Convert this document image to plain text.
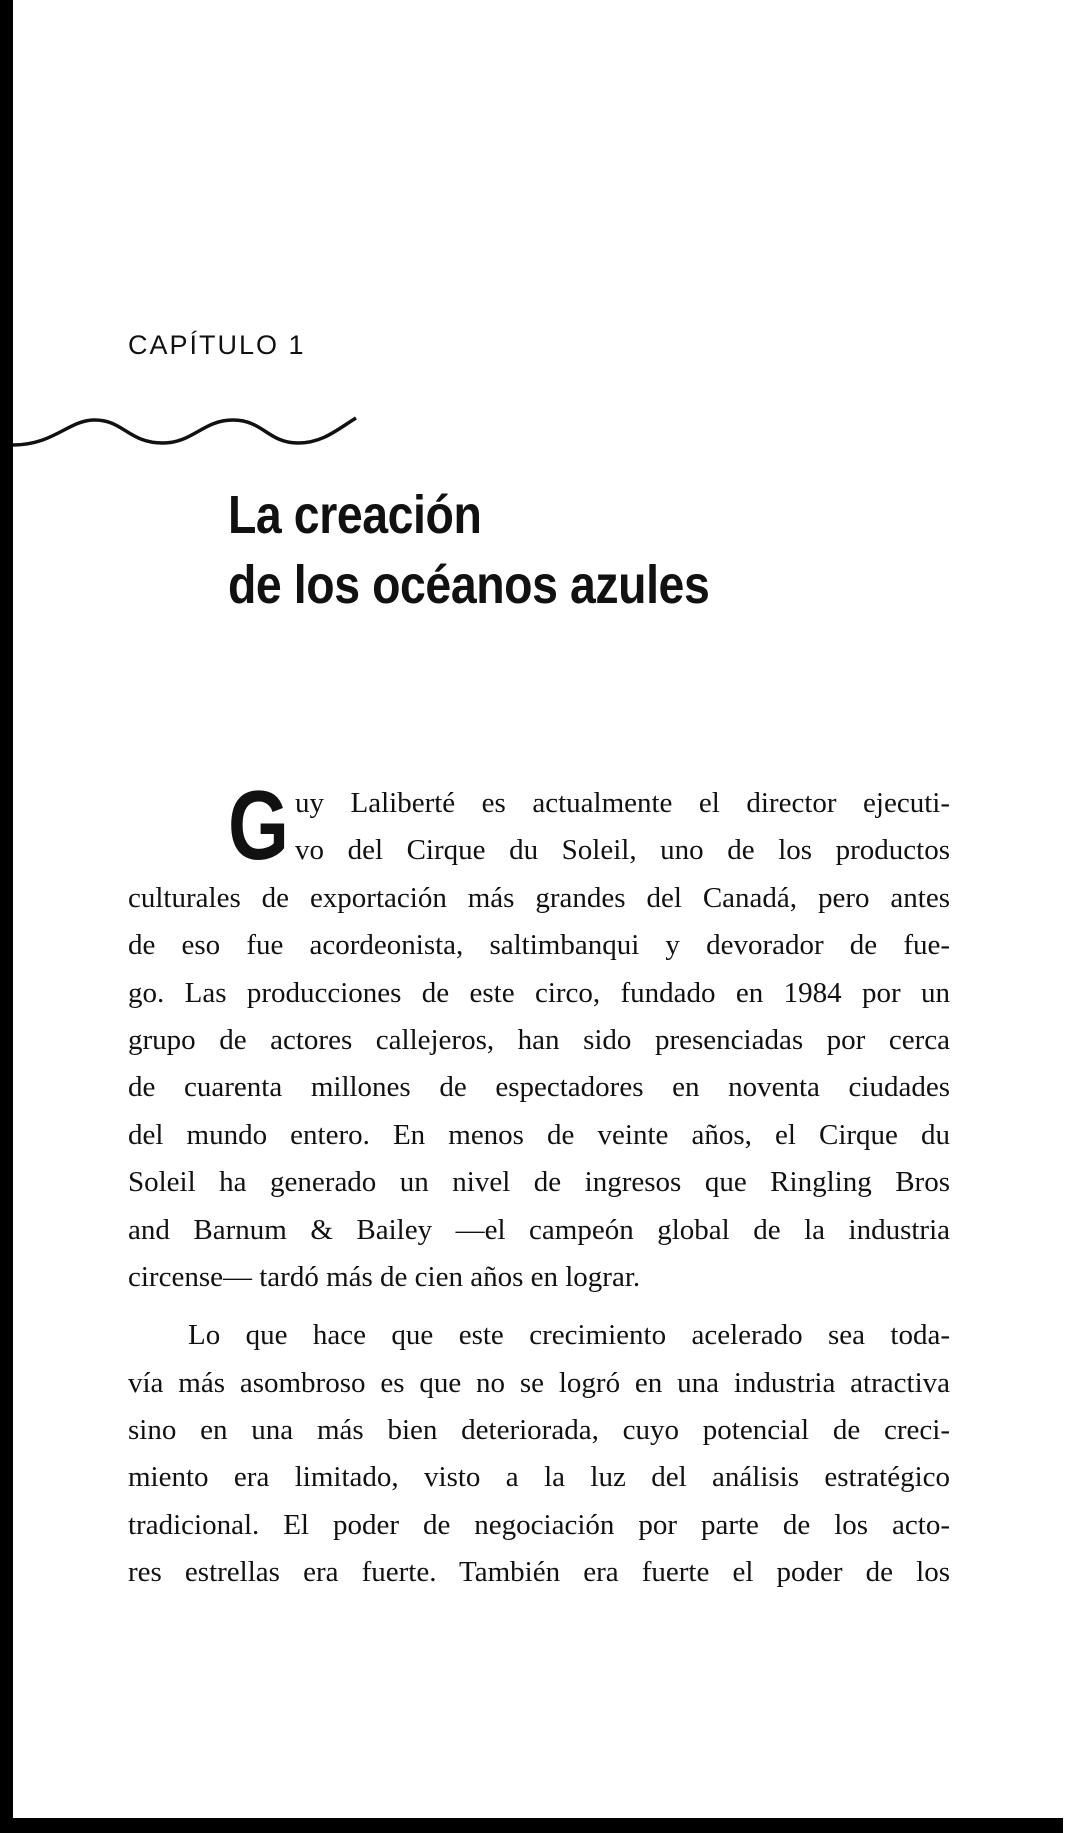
CAPÍTULO 1
La creación
de los océanos azules
G uy Laliberté es actualmente el director ejecuti-
vo del Cirque du Soleil, uno de los productos
culturales de exportación más grandes del Canadá, pero antes
de eso fue acordeonista, saltimbanqui y devorador de fue-
go. Las producciones de este circo, fundado en 1984 por un
grupo de actores callejeros, han sido presenciadas por cerca
de cuarenta millones de espectadores en noventa ciudades
del mundo entero. En menos de veinte años, el Cirque du
Soleil ha generado un nivel de ingresos que Ringling Bros
and Barnum & Bailey —el campeón global de la industria
circense— tardó más de cien años en lograr.
Lo que hace que este crecimiento acelerado sea toda-
vía más asombroso es que no se logró en una industria atractiva
sino en una más bien deteriorada, cuyo potencial de creci-
miento era limitado, visto a la luz del análisis estratégico
tradicional. El poder de negociación por parte de los acto-
res estrellas era fuerte. También era fuerte el poder de los
